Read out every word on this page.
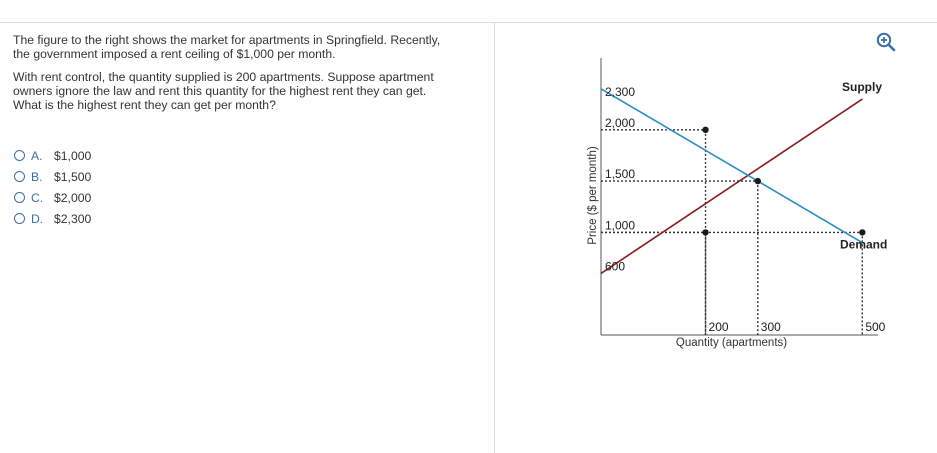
The figure to the right shows the market for apartments in Springfield. Recently,
the government imposed a rent ceiling of $1,000 per month.

With rent control, the quantity supplied is 200 apartments. Suppose apartment
owners ignore the law and rent this quantity for the highest rent they can get.
What is the highest rent they can get per month?

A. $1,000
B. $1,500
C. $2,000
D. $2,300
600
1,000
1,500
2,000
2,300
200	300	500
Supply
Demand
Quantity (apartments)
Price ($ per month)
